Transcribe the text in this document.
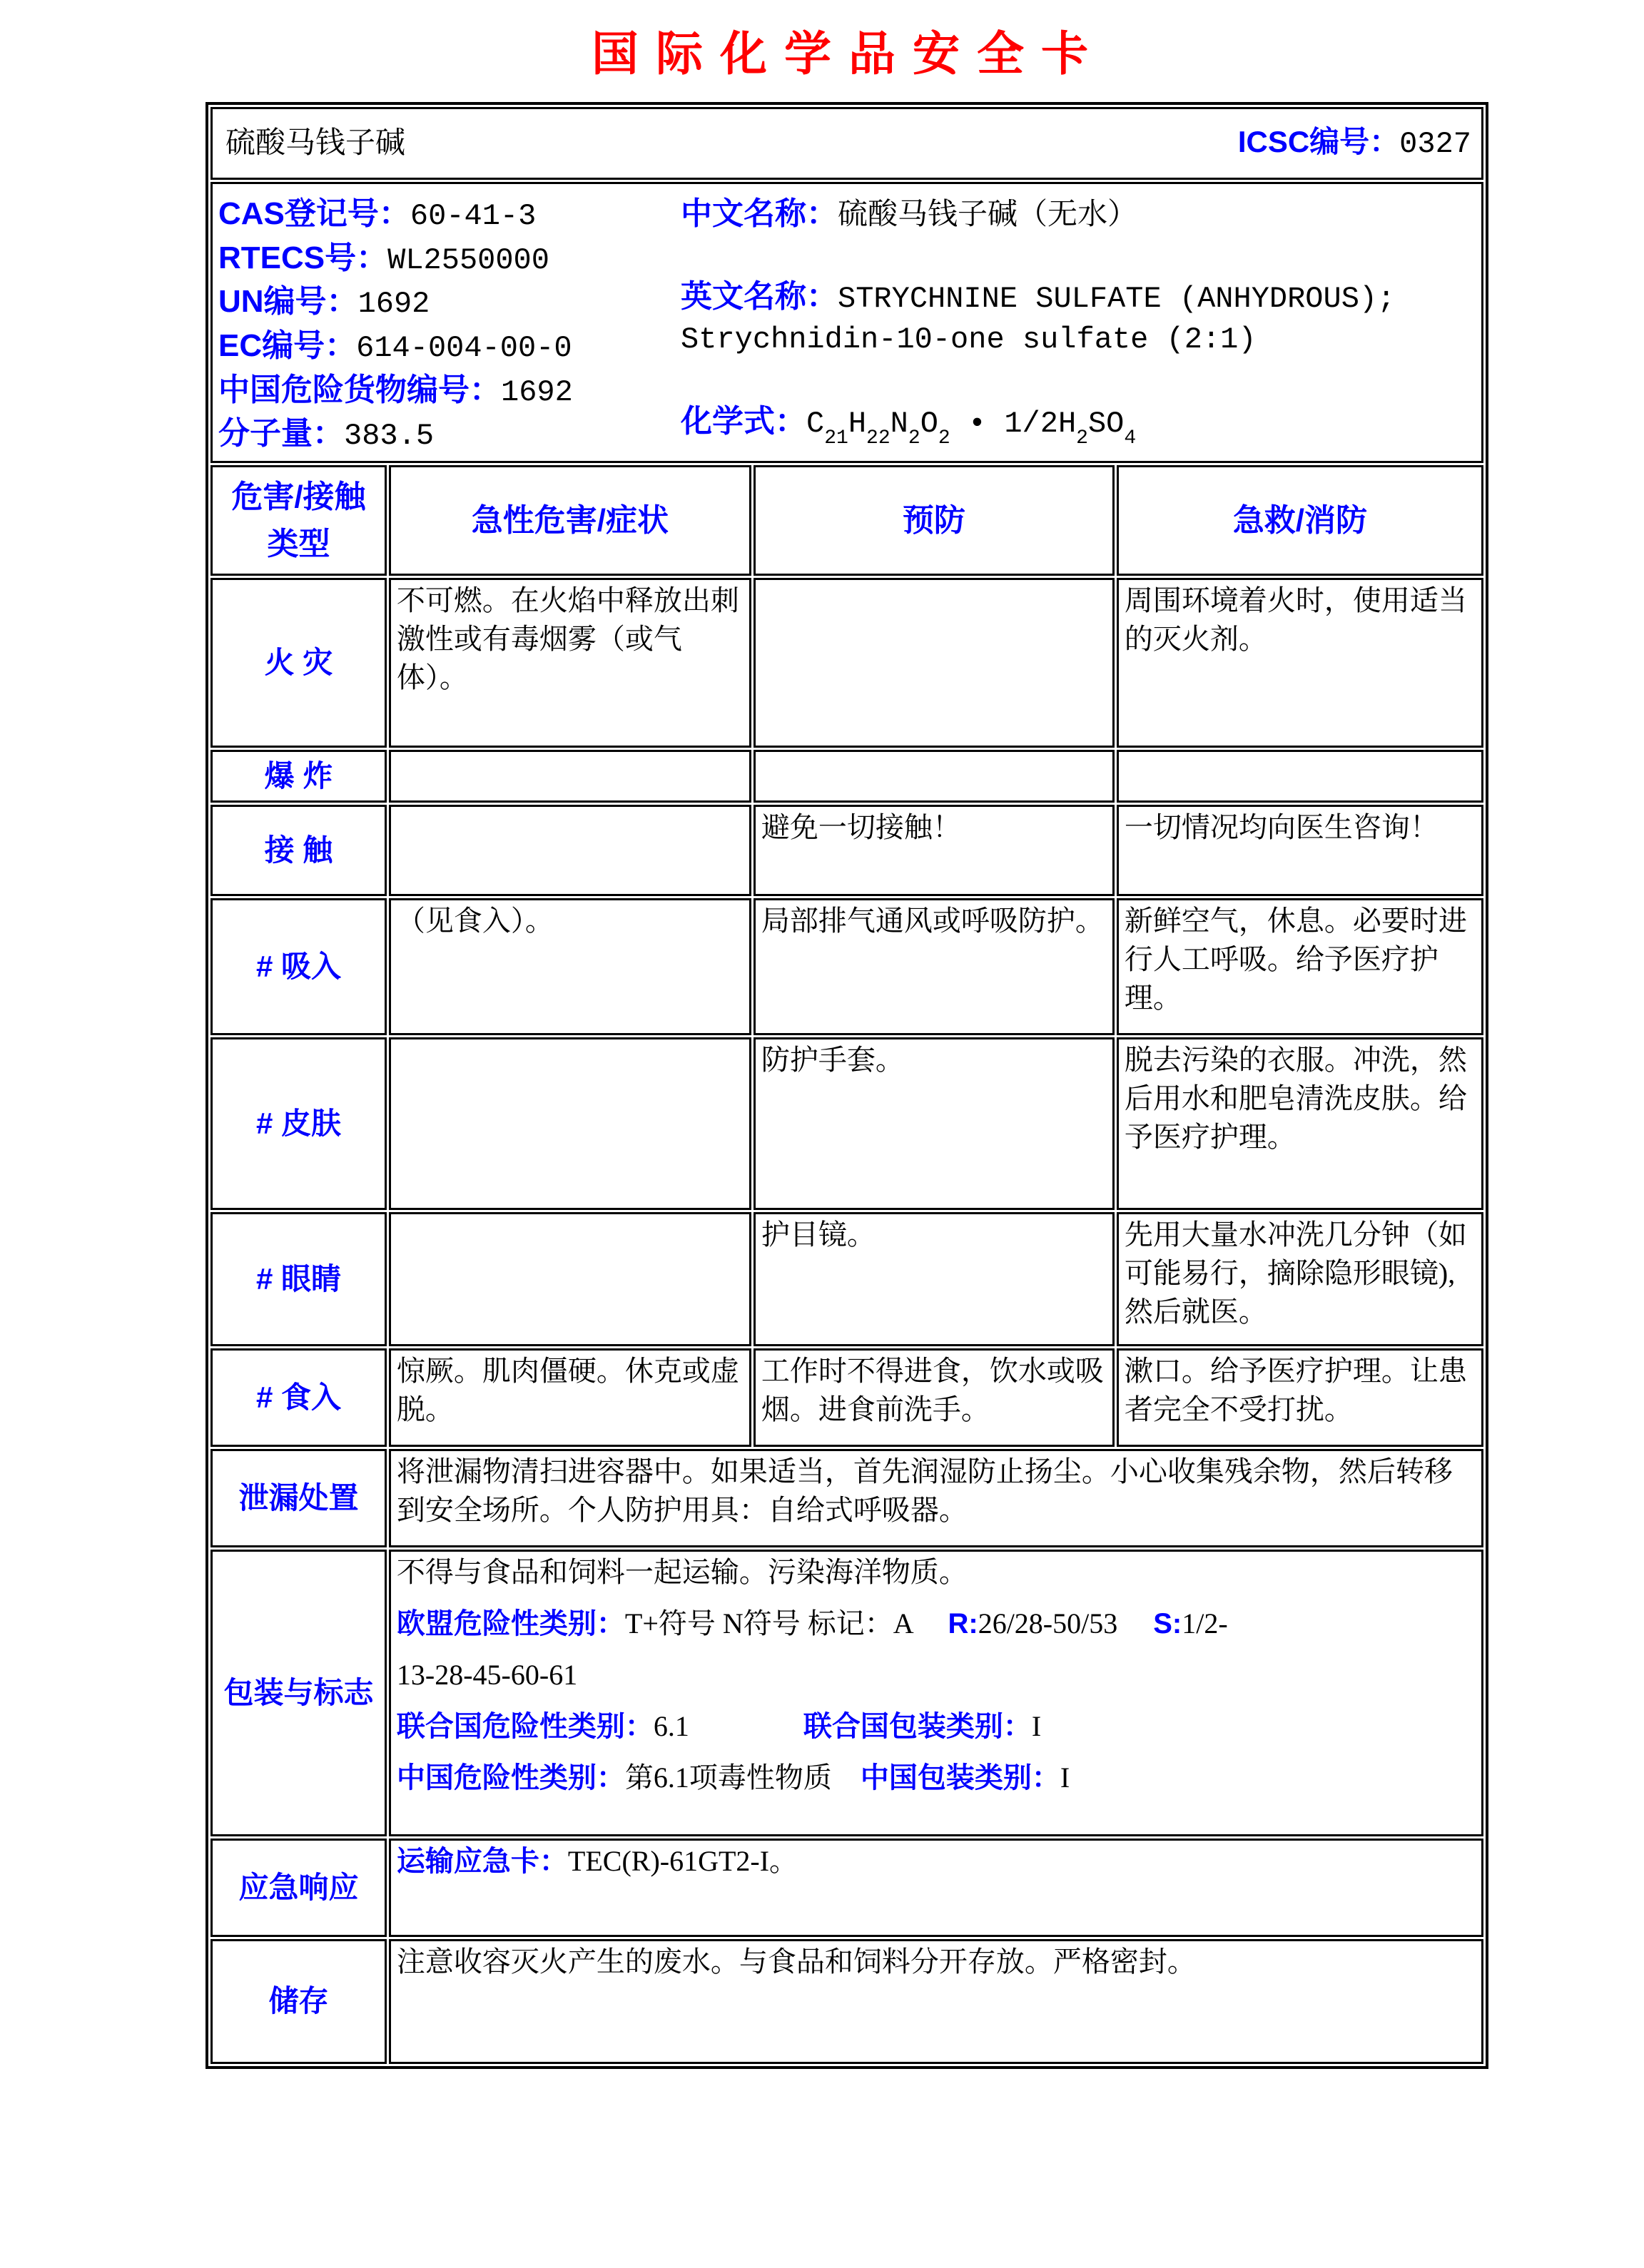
国际化学品安全卡
硫酸马钱子碱 ICSC编号：0327			

CAS登记号：60-41-3
RTECS号：WL2550000
UN编号：1692
EC编号：614-004-00-0
中国危险货物编号：1692
分子量：383.5
中文名称：硫酸马钱子碱（无水）
英文名称：STRYCHNINE SULFATE (ANHYDROUS);
Strychnidin-10-one sulfate (2:1)
化学式：$C_{21}H_{22}N_2O_2$ • $1/2H_2SO_4$

危害/接触类型	急性危害/症状	预防	急救/消防
火 灾	不可燃。在火焰中释放出刺激性或有毒烟雾（或气体）。		周围环境着火时，使用适当的灭火剂。
爆 炸			
接 触		避免一切接触！	一切情况均向医生咨询！
# 吸入	（见食入）。	局部排气通风或呼吸防护。	新鲜空气，休息。必要时进行人工呼吸。给予医疗护理。
# 皮肤		防护手套。	脱去污染的衣服。冲洗，然后用水和肥皂清洗皮肤。给予医疗护理。
# 眼睛		护目镜。	先用大量水冲洗几分钟（如可能易行，摘除隐形眼镜),然后就医。
# 食入	惊厥。肌肉僵硬。休克或虚脱。	工作时不得进食，饮水或吸烟。进食前洗手。	漱口。给予医疗护理。让患者完全不受打扰。
泄漏处置	将泄漏物清扫进容器中。如果适当，首先润湿防止扬尘。小心收集残余物，然后转移到安全场所。个人防护用具：自给式呼吸器。		
包装与标志	不得与食品和饲料一起运输。污染海洋物质。
欧盟危险性类别：T+符号 N符号 标记：A　 R:26/28-50/53　 S:1/2-
13-28-45-60-61
联合国危险性类别：6.1　　　　联合国包装类别：I
中国危险性类别：第6.1项毒性物质　中国包装类别：I		

应急响应	运输应急卡：TEC(R)-61GT2-I。		
储存	注意收容灭火产生的废水。与食品和饲料分开存放。严格密封。		
